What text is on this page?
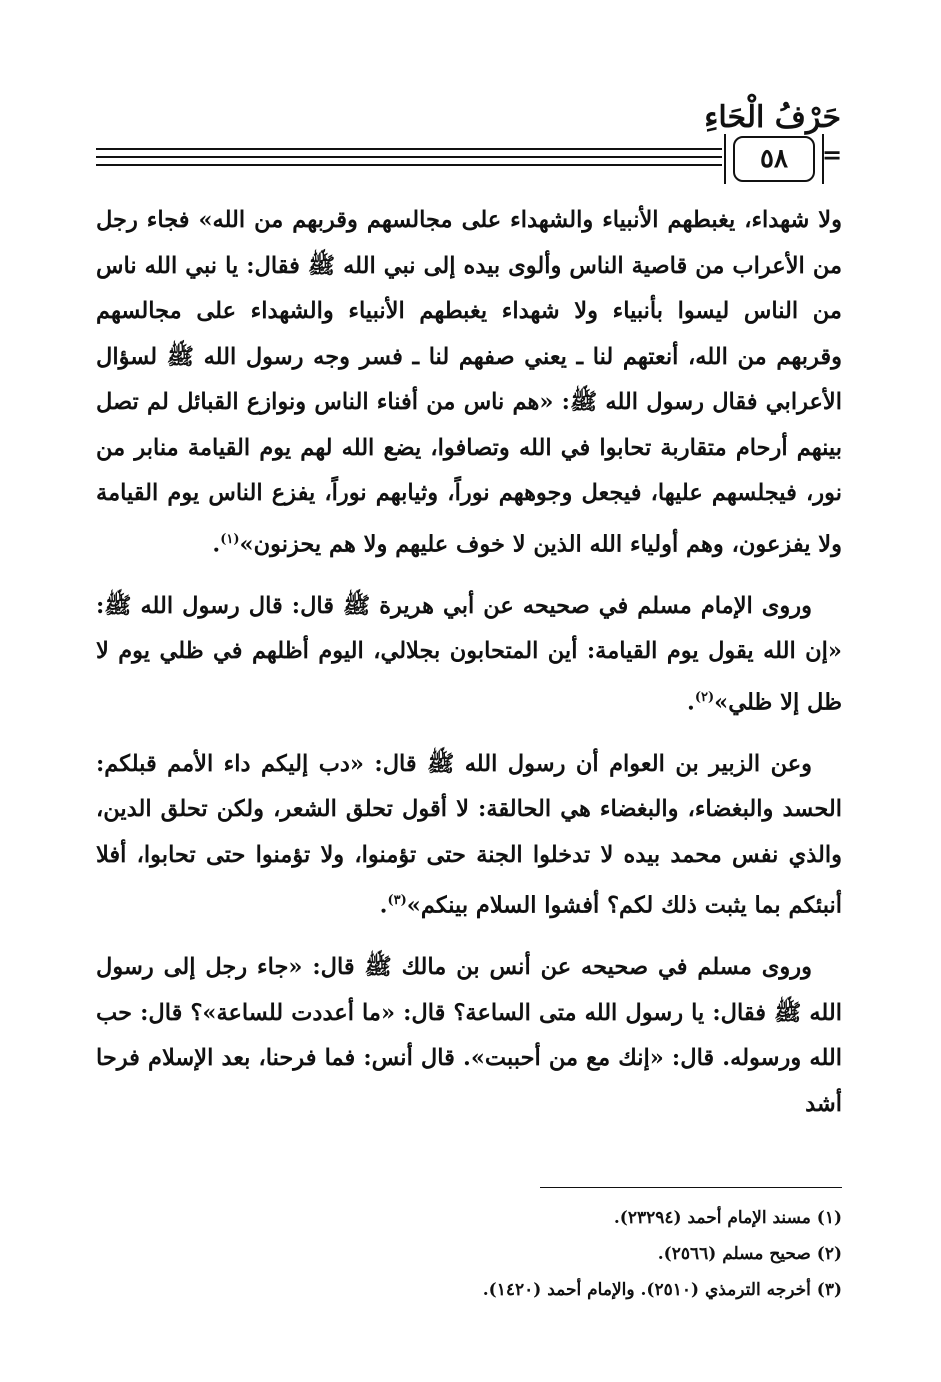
حَرْفُ الْحَاءِ
٥٨	=

ولا شهداء، يغبطهم الأنبياء والشهداء على مجالسهم وقربهم من الله» فجاء رجل من الأعراب من قاصية الناس وألوى بيده إلى نبي الله ﷺ فقال: يا نبي الله ناس من الناس ليسوا بأنبياء ولا شهداء يغبطهم الأنبياء والشهداء على مجالسهم وقربهم من الله، أنعتهم لنا ـ يعني صفهم لنا ـ فسر وجه رسول الله ﷺ لسؤال الأعرابي فقال رسول الله ﷺ: «هم ناس من أفناء الناس ونوازع القبائل لم تصل بينهم أرحام متقاربة تحابوا في الله وتصافوا، يضع الله لهم يوم القيامة منابر من نور، فيجلسهم عليها، فيجعل وجوههم نوراً، وثيابهم نوراً، يفزع الناس يوم القيامة ولا يفزعون، وهم أولياء الله الذين لا خوف عليهم ولا هم يحزنون»$^{(١)}$.

وروى الإمام مسلم في صحيحه عن أبي هريرة ﷺ قال: قال رسول الله ﷺ: «إن الله يقول يوم القيامة: أين المتحابون بجلالي، اليوم أظلهم في ظلي يوم لا ظل إلا ظلي»$^{(٢)}$.

وعن الزبير بن العوام أن رسول الله ﷺ قال: «دب إليكم داء الأمم قبلكم: الحسد والبغضاء، والبغضاء هي الحالقة: لا أقول تحلق الشعر، ولكن تحلق الدين، والذي نفس محمد بيده لا تدخلوا الجنة حتى تؤمنوا، ولا تؤمنوا حتى تحابوا، أفلا أنبئكم بما يثبت ذلك لكم؟ أفشوا السلام بينكم»$^{(٣)}$.

وروى مسلم في صحيحه عن أنس بن مالك ﷺ قال: «جاء رجل إلى رسول الله ﷺ فقال: يا رسول الله متى الساعة؟ قال: «ما أعددت للساعة»؟ قال: حب الله ورسوله. قال: «إنك مع من أحببت». قال أنس: فما فرحنا، بعد الإسلام فرحا أشد

(١) مسند الإمام أحمد (٢٣٢٩٤).
(٢) صحيح مسلم (٢٥٦٦).
(٣) أخرجه الترمذي (٢٥١٠). والإمام أحمد (١٤٢٠).
